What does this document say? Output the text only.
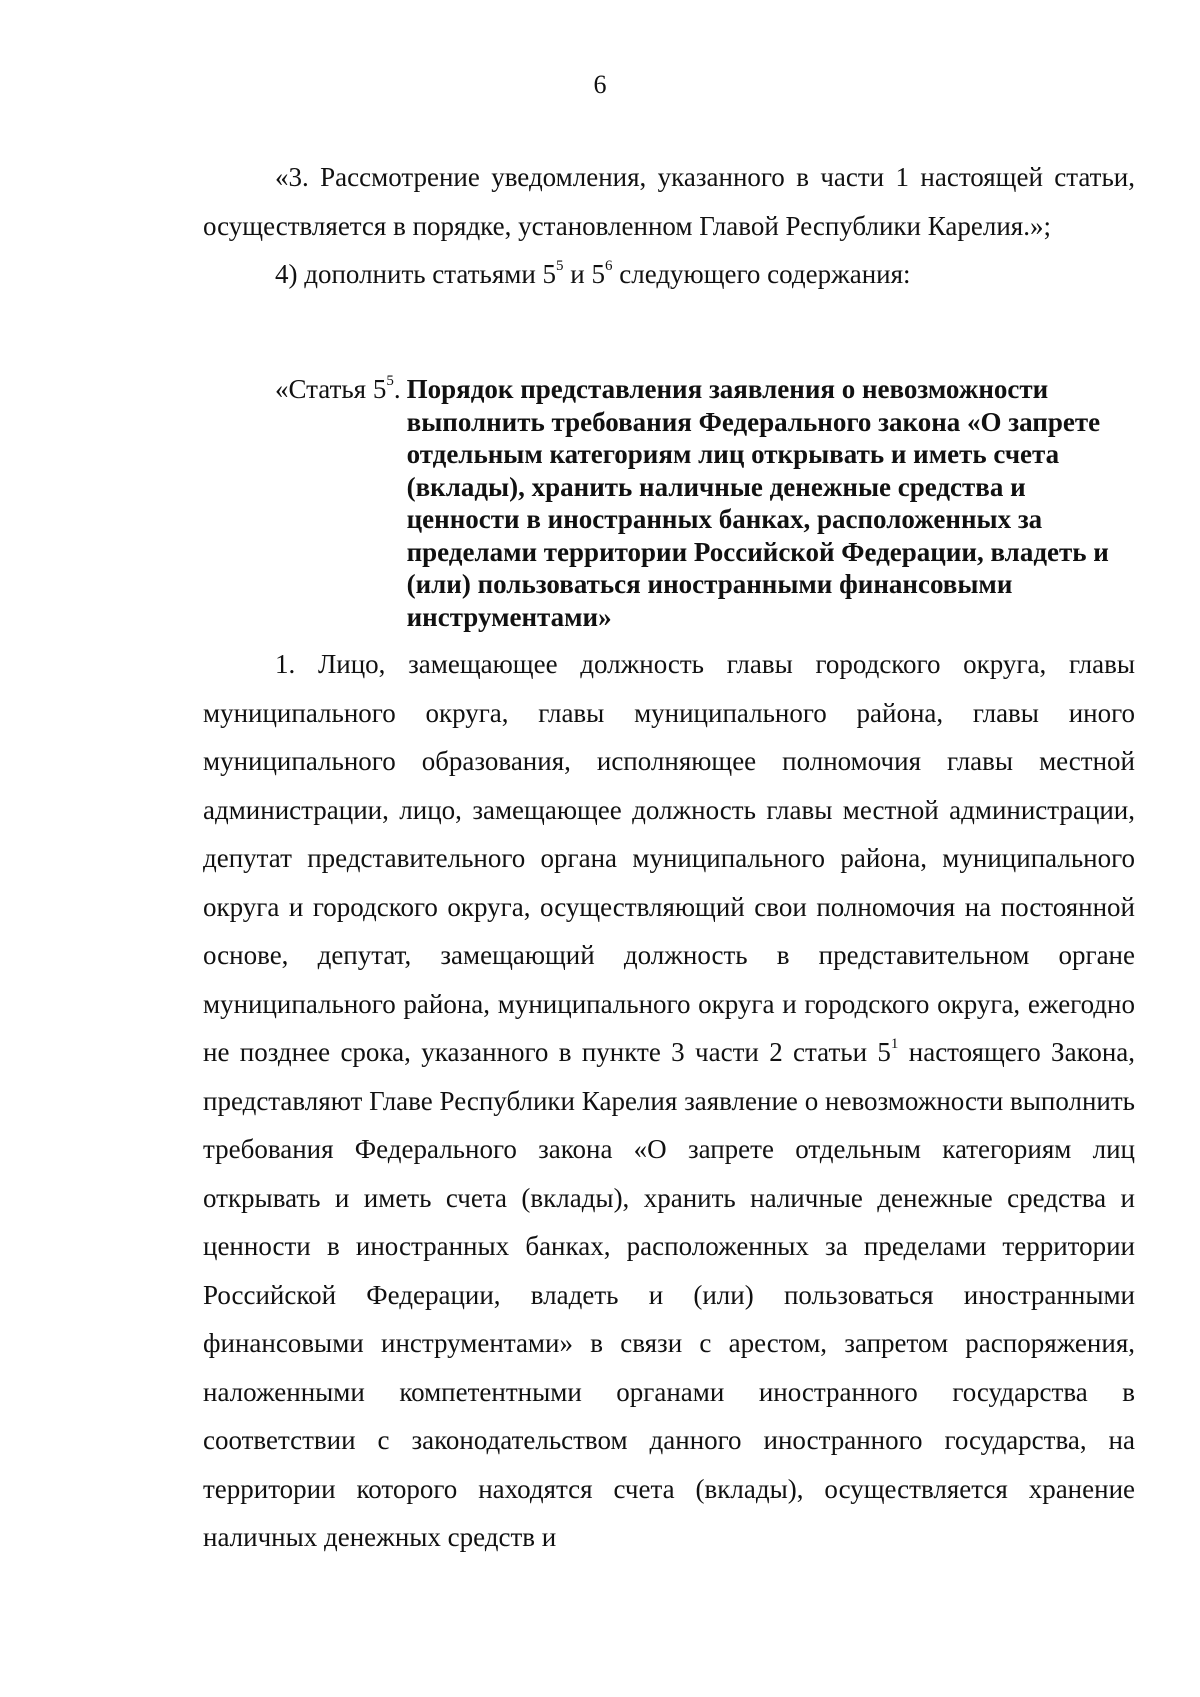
6

«3. Рассмотрение уведомления, указанного в части 1 настоящей статьи, осуществляется в порядке, установленном Главой Республики Карелия.»;

4) дополнить статьями $5^5$ и $5^6$ следующего содержания:

«Статья $5^5$. Порядок представления заявления о невозможности выполнить требования Федерального закона «О запрете отдельным категориям лиц открывать и иметь счета (вклады), хранить наличные денежные средства и ценности в иностранных банках, расположенных за пределами территории Российской Федерации, владеть и (или) пользоваться иностранными финансовыми инструментами»

1. Лицо, замещающее должность главы городского округа, главы муниципального округа, главы муниципального района, главы иного муниципального образования, исполняющее полномочия главы местной администрации, лицо, замещающее должность главы местной администрации, депутат представительного органа муниципального района, муниципального округа и городского округа, осуществляющий свои полномочия на постоянной основе, депутат, замещающий должность в представительном органе муниципального района, муниципального округа и городского округа, ежегодно не позднее срока, указанного в пункте 3 части 2 статьи $5^1$ настоящего Закона, представляют Главе Республики Карелия заявление о невозможности выполнить требования Федерального закона «О запрете отдельным категориям лиц открывать и иметь счета (вклады), хранить наличные денежные средства и ценности в иностранных банках, расположенных за пределами территории Российской Федерации, владеть и (или) пользоваться иностранными финансовыми инструментами» в связи с арестом, запретом распоряжения, наложенными компетентными органами иностранного государства в соответствии с законодательством данного иностранного государства, на территории которого находятся счета (вклады), осуществляется хранение наличных денежных средств и
